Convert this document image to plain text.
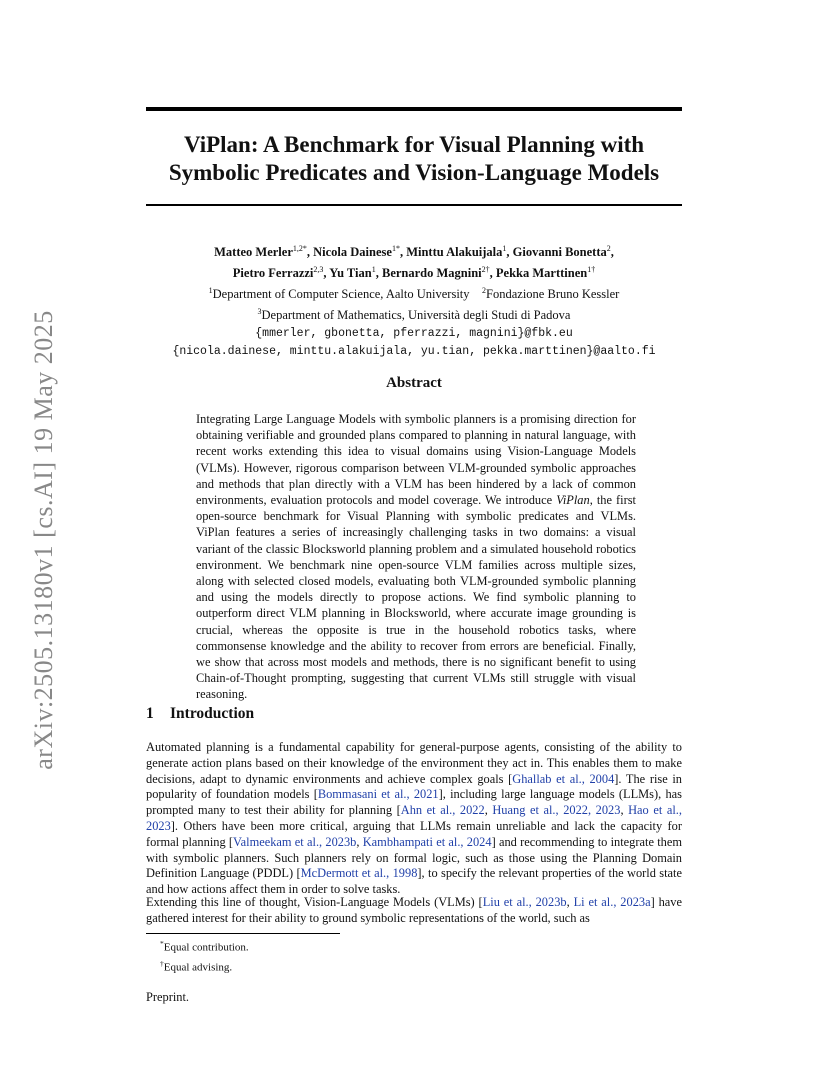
arXiv:2505.13180v1 [cs.AI] 19 May 2025
ViPlan: A Benchmark for Visual Planning with
Symbolic Predicates and Vision-Language Models
Matteo Merler$^{1,2*}$, Nicola Dainese$^{1*}$, Minttu Alakuijala$^1$, Giovanni Bonetta$^2$,
Pietro Ferrazzi$^{2,3}$, Yu Tian$^1$, Bernardo Magnini$^{2\dagger}$, Pekka Marttinen$^{1\dagger}$
$^1$Department of Computer Science, Aalto University $^2$Fondazione Bruno Kessler
$^3$Department of Mathematics, Università degli Studi di Padova
{mmerler, gbonetta, pferrazzi, magnini}@fbk.eu
{nicola.dainese, minttu.alakuijala, yu.tian, pekka.marttinen}@aalto.fi
Abstract
Integrating Large Language Models with symbolic planners is a promising direction for obtaining verifiable and grounded plans compared to planning in natural language, with recent works extending this idea to visual domains using Vision-Language Models (VLMs). However, rigorous comparison between VLM-grounded symbolic approaches and methods that plan directly with a VLM has been hindered by a lack of common environments, evaluation protocols and model coverage. We introduce ViPlan, the first open-source benchmark for Visual Planning with symbolic predicates and VLMs. ViPlan features a series of increasingly challenging tasks in two domains: a visual variant of the classic Blocksworld planning problem and a simulated household robotics environment. We benchmark nine open-source VLM families across multiple sizes, along with selected closed models, evaluating both VLM-grounded symbolic planning and using the models directly to propose actions. We find symbolic planning to outperform direct VLM planning in Blocksworld, where accurate image grounding is crucial, whereas the opposite is true in the household robotics tasks, where commonsense knowledge and the ability to recover from errors are beneficial. Finally, we show that across most models and methods, there is no significant benefit to using Chain-of-Thought prompting, suggesting that current VLMs still struggle with visual reasoning.
1 Introduction
Automated planning is a fundamental capability for general-purpose agents, consisting of the ability to generate action plans based on their knowledge of the environment they act in. This enables them to make decisions, adapt to dynamic environments and achieve complex goals [Ghallab et al., 2004]. The rise in popularity of foundation models [Bommasani et al., 2021], including large language models (LLMs), has prompted many to test their ability for planning [Ahn et al., 2022, Huang et al., 2022, 2023, Hao et al., 2023]. Others have been more critical, arguing that LLMs remain unreliable and lack the capacity for formal planning [Valmeekam et al., 2023b, Kambhampati et al., 2024] and recommending to integrate them with symbolic planners. Such planners rely on formal logic, such as those using the Planning Domain Definition Language (PDDL) [McDermott et al., 1998], to specify the relevant properties of the world state and how actions affect them in order to solve tasks.
Extending this line of thought, Vision-Language Models (VLMs) [Liu et al., 2023b, Li et al., 2023a] have gathered interest for their ability to ground symbolic representations of the world, such as
*Equal contribution.
†Equal advising.
Preprint.
